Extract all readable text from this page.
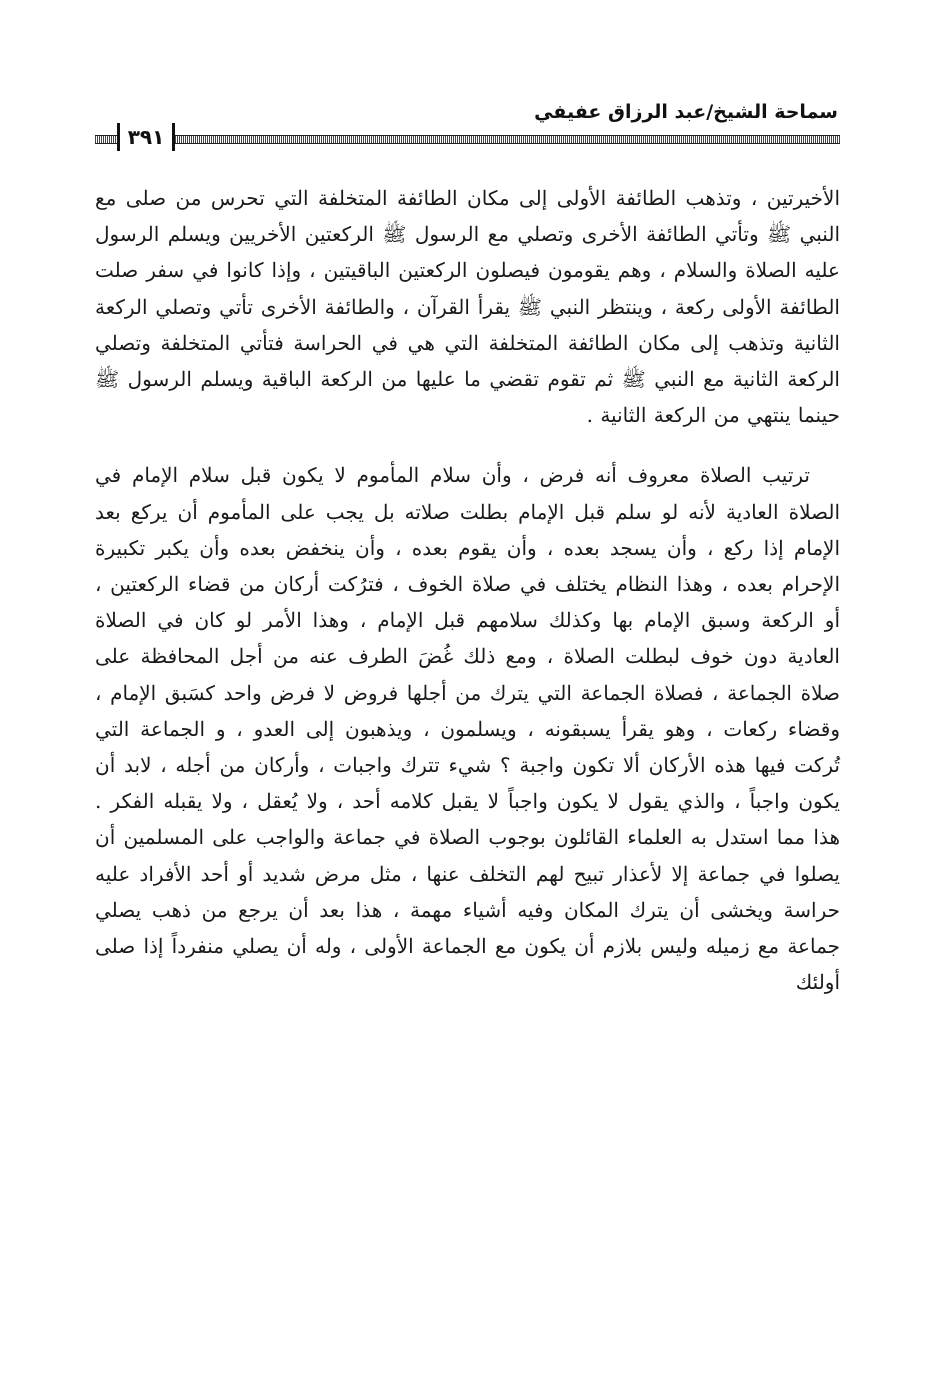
سماحة الشيخ/عبد الرزاق عفيفي
٣٩١

الأخيرتين ، وتذهب الطائفة الأولى إلى مكان الطائفة المتخلفة التي تحرس من صلى مع النبي ﷺ وتأتي الطائفة الأخرى وتصلي مع الرسول ﷺ الركعتين الأخريين ويسلم الرسول عليه الصلاة والسلام ، وهم يقومون فيصلون الركعتين الباقيتين ، وإذا كانوا في سفر صلت الطائفة الأولى ركعة ، وينتظر النبي ﷺ يقرأ القرآن ، والطائفة الأخرى تأتي وتصلي الركعة الثانية وتذهب إلى مكان الطائفة المتخلفة التي هي في الحراسة فتأتي المتخلفة وتصلي الركعة الثانية مع النبي ﷺ ثم تقوم تقضي ما عليها من الركعة الباقية ويسلم الرسول ﷺ حينما ينتهي من الركعة الثانية .

ترتيب الصلاة معروف أنه فرض ، وأن سلام المأموم لا يكون قبل سلام الإمام في الصلاة العادية لأنه لو سلم قبل الإمام بطلت صلاته بل يجب على المأموم أن يركع بعد الإمام إذا ركع ، وأن يسجد بعده ، وأن يقوم بعده ، وأن ينخفض بعده وأن يكبر تكبيرة الإحرام بعده ، وهذا النظام يختلف في صلاة الخوف ، فترُكت أركان من قضاء الركعتين ، أو الركعة وسبق الإمام بها وكذلك سلامهم قبل الإمام ، وهذا الأمر لو كان في الصلاة العادية دون خوف لبطلت الصلاة ، ومع ذلك غُضَ الطرف عنه من أجل المحافظة على صلاة الجماعة ، فصلاة الجماعة التي يترك من أجلها فروض لا فرض واحد كسَبق الإمام ، وقضاء ركعات ، وهو يقرأ يسبقونه ، ويسلمون ، ويذهبون إلى العدو ، و الجماعة التي تُركت فيها هذه الأركان ألا تكون واجبة ؟ شيء تترك واجبات ، وأركان من أجله ، لابد أن يكون واجباً ، والذي يقول لا يكون واجباً لا يقبل كلامه أحد ، ولا يُعقل ، ولا يقبله الفكر . هذا مما استدل به العلماء القائلون بوجوب الصلاة في جماعة والواجب على المسلمين أن يصلوا في جماعة إلا لأعذار تبيح لهم التخلف عنها ، مثل مرض شديد أو أحد الأفراد عليه حراسة ويخشى أن يترك المكان وفيه أشياء مهمة ، هذا بعد أن يرجع من ذهب يصلي جماعة مع زميله وليس بلازم أن يكون مع الجماعة الأولى ، وله أن يصلي منفرداً إذا صلى أولئك
